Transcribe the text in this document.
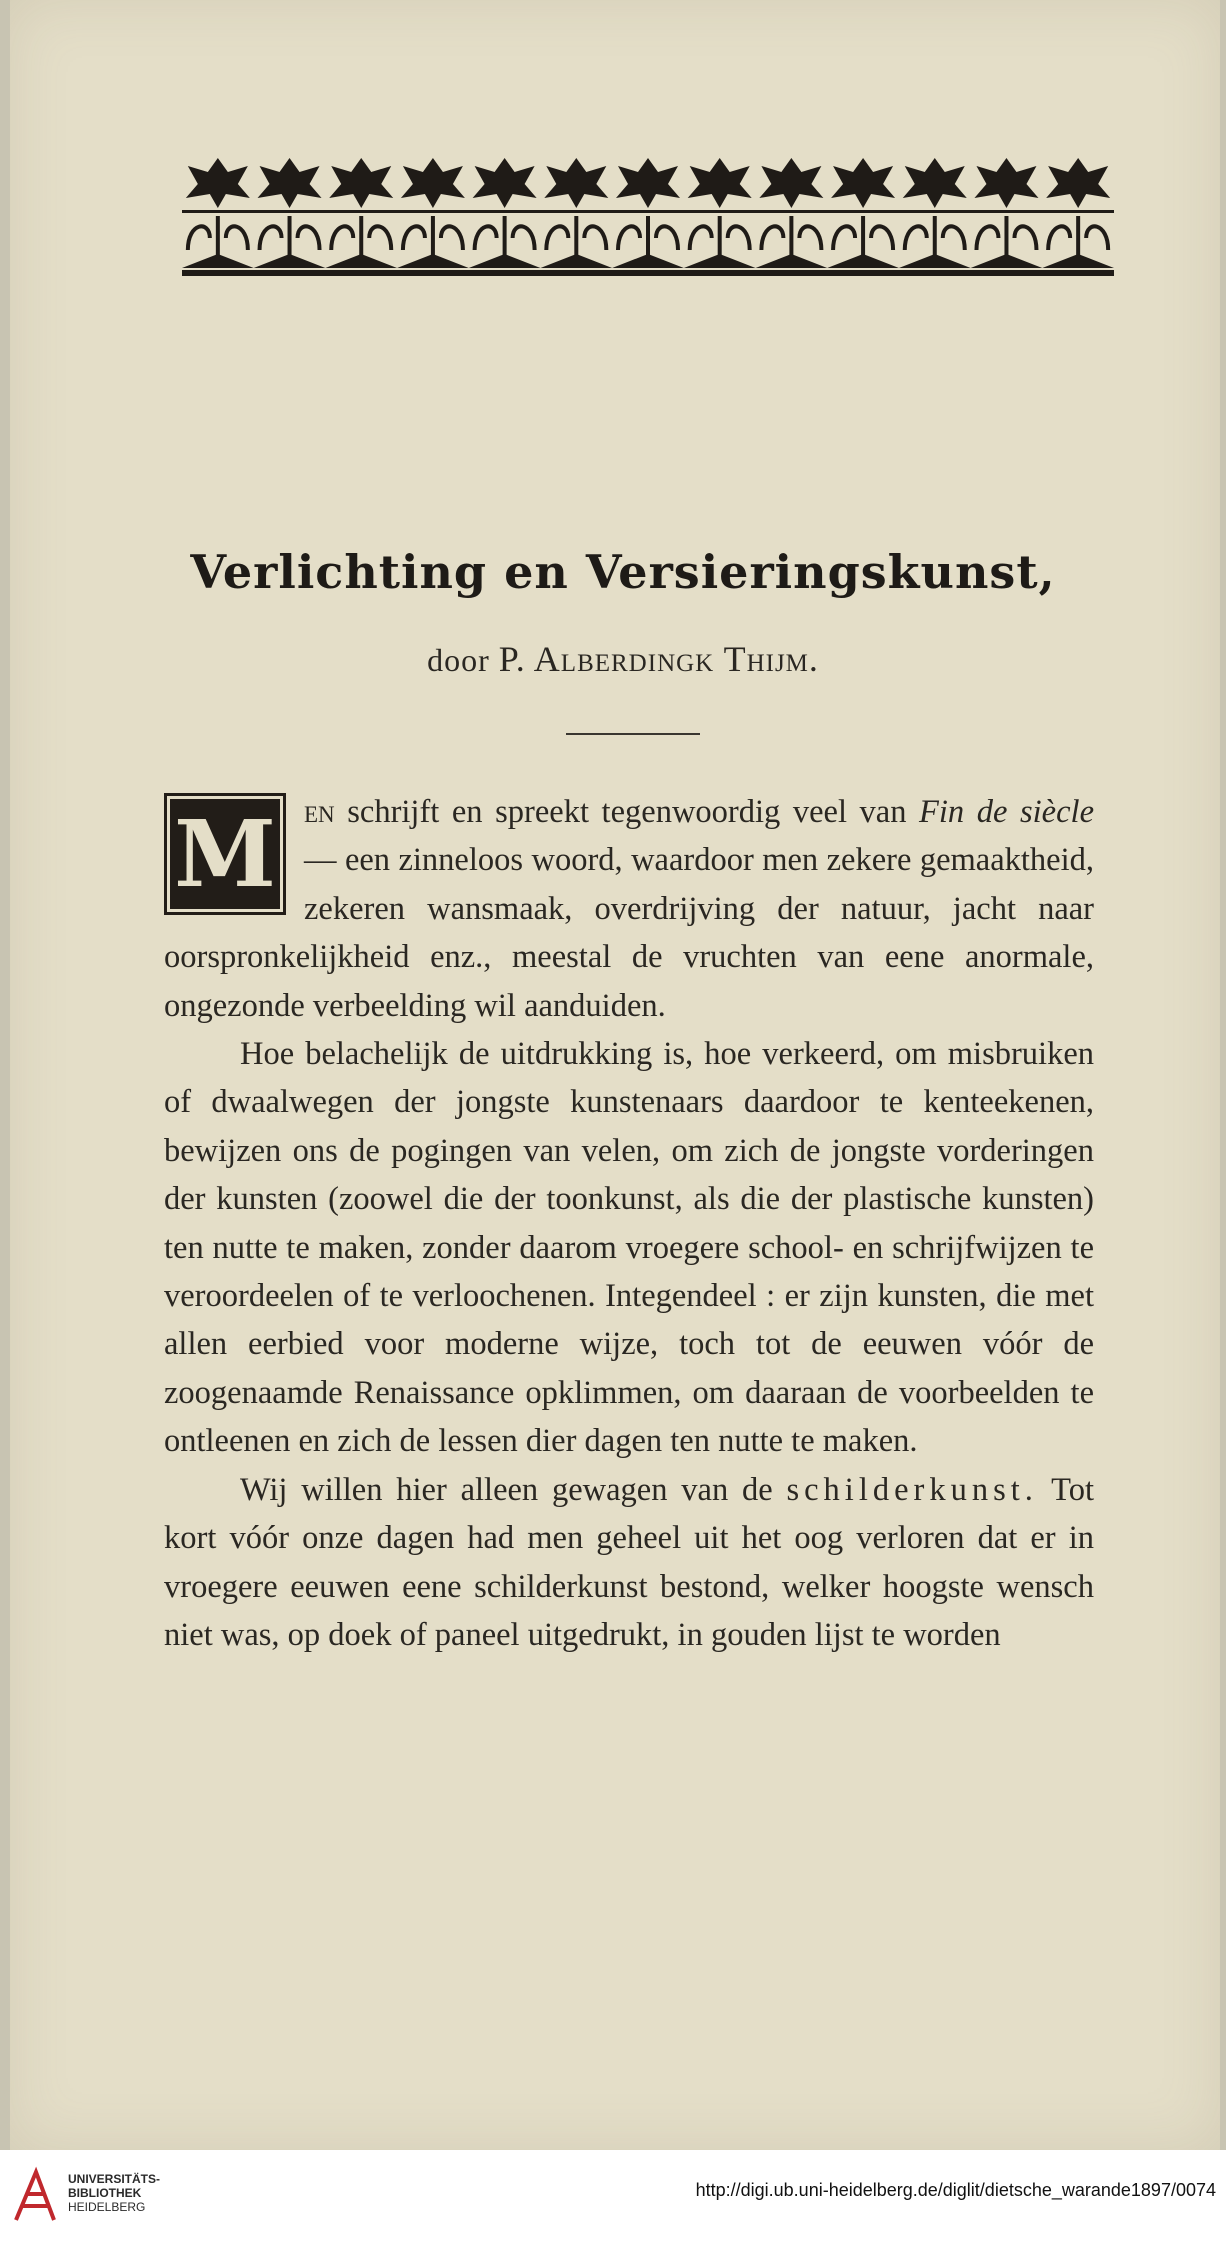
Verlichting en Versieringskunst,
door P. Alberdingk Thijm.

M en schrijft en spreekt tegenwoordig veel van Fin de siècle — een zinneloos woord, waardoor men zekere gemaaktheid, zekeren wansmaak, overdrijving der natuur, jacht naar oorspronkelijkheid enz., meestal de vruchten van eene anormale, ongezonde verbeelding wil aanduiden.

Hoe belachelijk de uitdrukking is, hoe verkeerd, om misbruiken of dwaalwegen der jongste kunstenaars daardoor te kenteekenen, bewijzen ons de pogingen van velen, om zich de jongste vorderingen der kunsten (zoowel die der toonkunst, als die der plastische kunsten) ten nutte te maken, zonder daarom vroegere school- en schrijfwijzen te veroordeelen of te verloochenen. Integendeel : er zijn kunsten, die met allen eerbied voor moderne wijze, toch tot de eeuwen vóór de zoogenaamde Renaissance opklimmen, om daaraan de voorbeelden te ontleenen en zich de lessen dier dagen ten nutte te maken.

Wij willen hier alleen gewagen van de schilderkunst. Tot kort vóór onze dagen had men geheel uit het oog verloren dat er in vroegere eeuwen eene schilderkunst bestond, welker hoogste wensch niet was, op doek of paneel uitgedrukt, in gouden lijst te worden

UNIVERSITÄTS-
BIBLIOTHEK
HEIDELBERG
http://digi.ub.uni-heidelberg.de/diglit/dietsche_warande1897/0074
